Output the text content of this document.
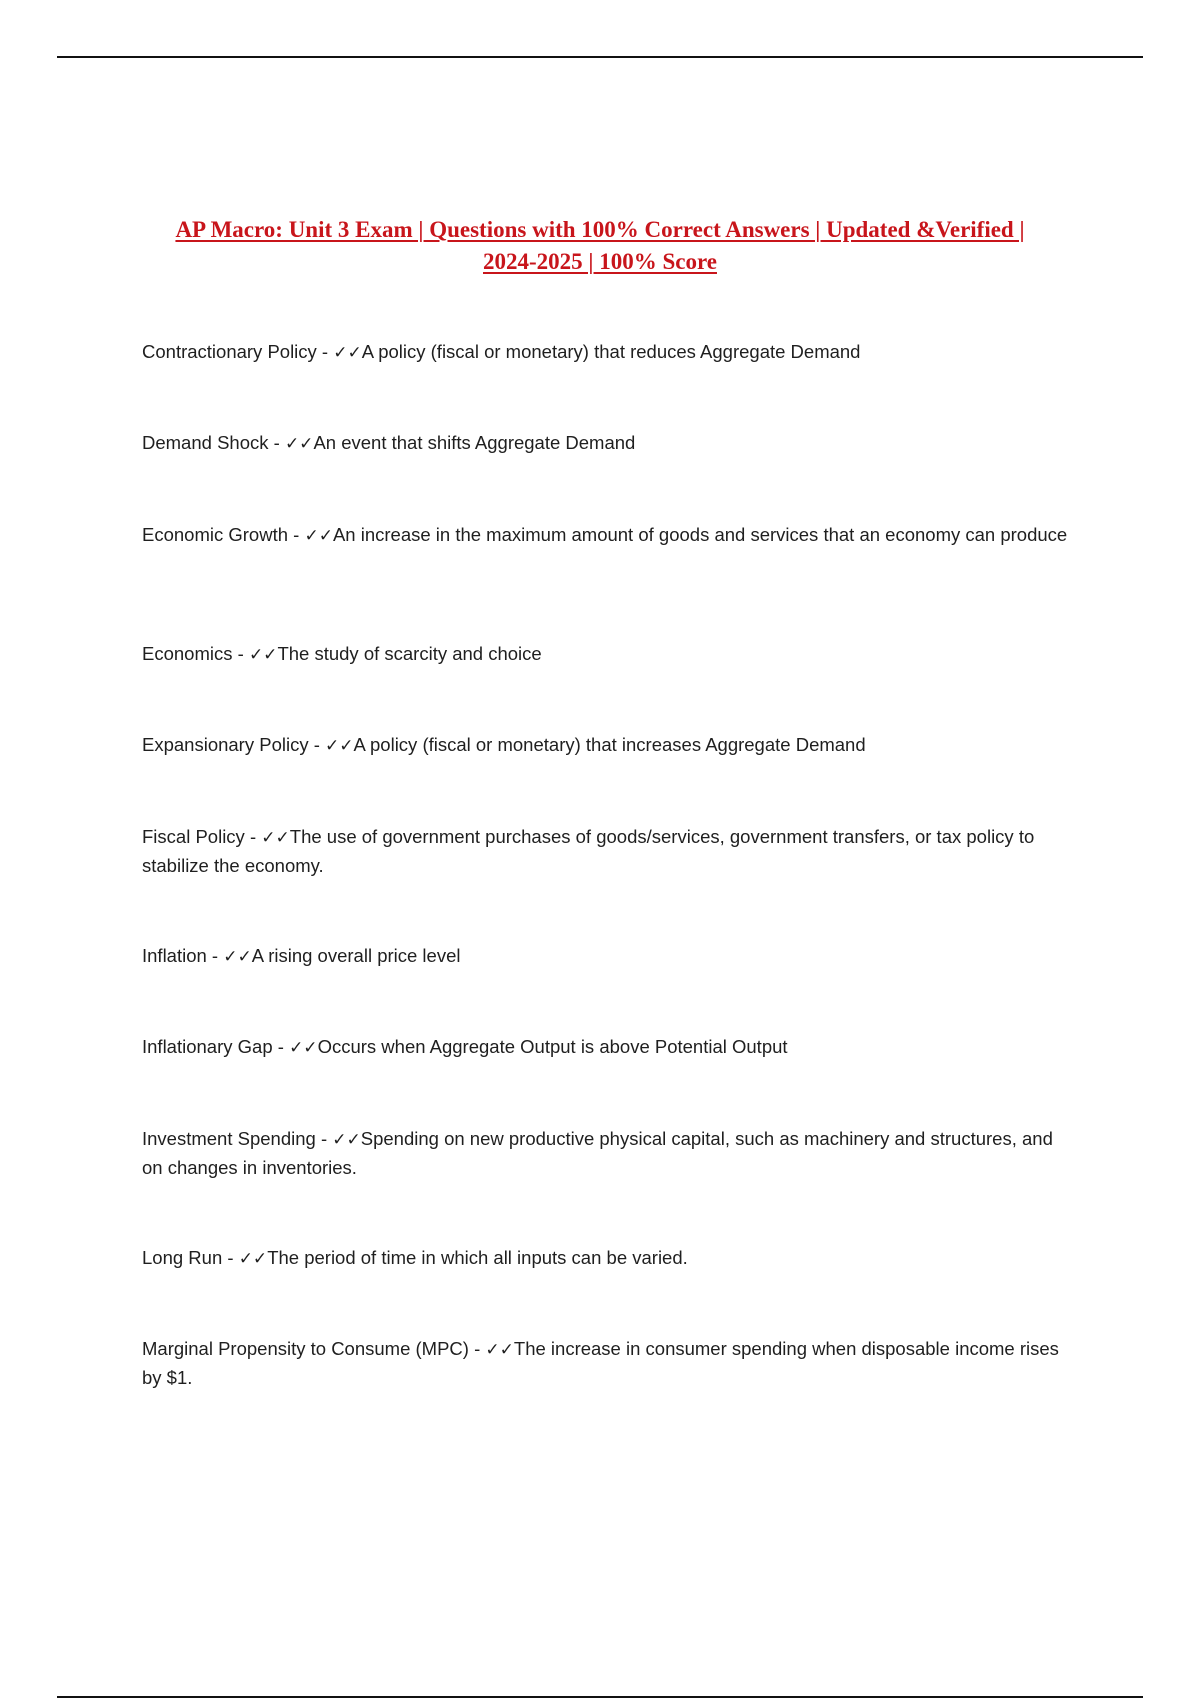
AP Macro: Unit 3 Exam | Questions with 100% Correct Answers | Updated &Verified |
2024-2025 | 100% Score
Contractionary Policy - ✓✓A policy (fiscal or monetary) that reduces Aggregate Demand
Demand Shock - ✓✓An event that shifts Aggregate Demand
Economic Growth - ✓✓An increase in the maximum amount of goods and services that an economy can produce
Economics - ✓✓The study of scarcity and choice
Expansionary Policy - ✓✓A policy (fiscal or monetary) that increases Aggregate Demand
Fiscal Policy - ✓✓The use of government purchases of goods/services, government transfers, or tax policy to stabilize the economy.
Inflation - ✓✓A rising overall price level
Inflationary Gap - ✓✓Occurs when Aggregate Output is above Potential Output
Investment Spending - ✓✓Spending on new productive physical capital, such as machinery and structures, and on changes in inventories.
Long Run - ✓✓The period of time in which all inputs can be varied.
Marginal Propensity to Consume (MPC) - ✓✓The increase in consumer spending when disposable income rises by $1.
